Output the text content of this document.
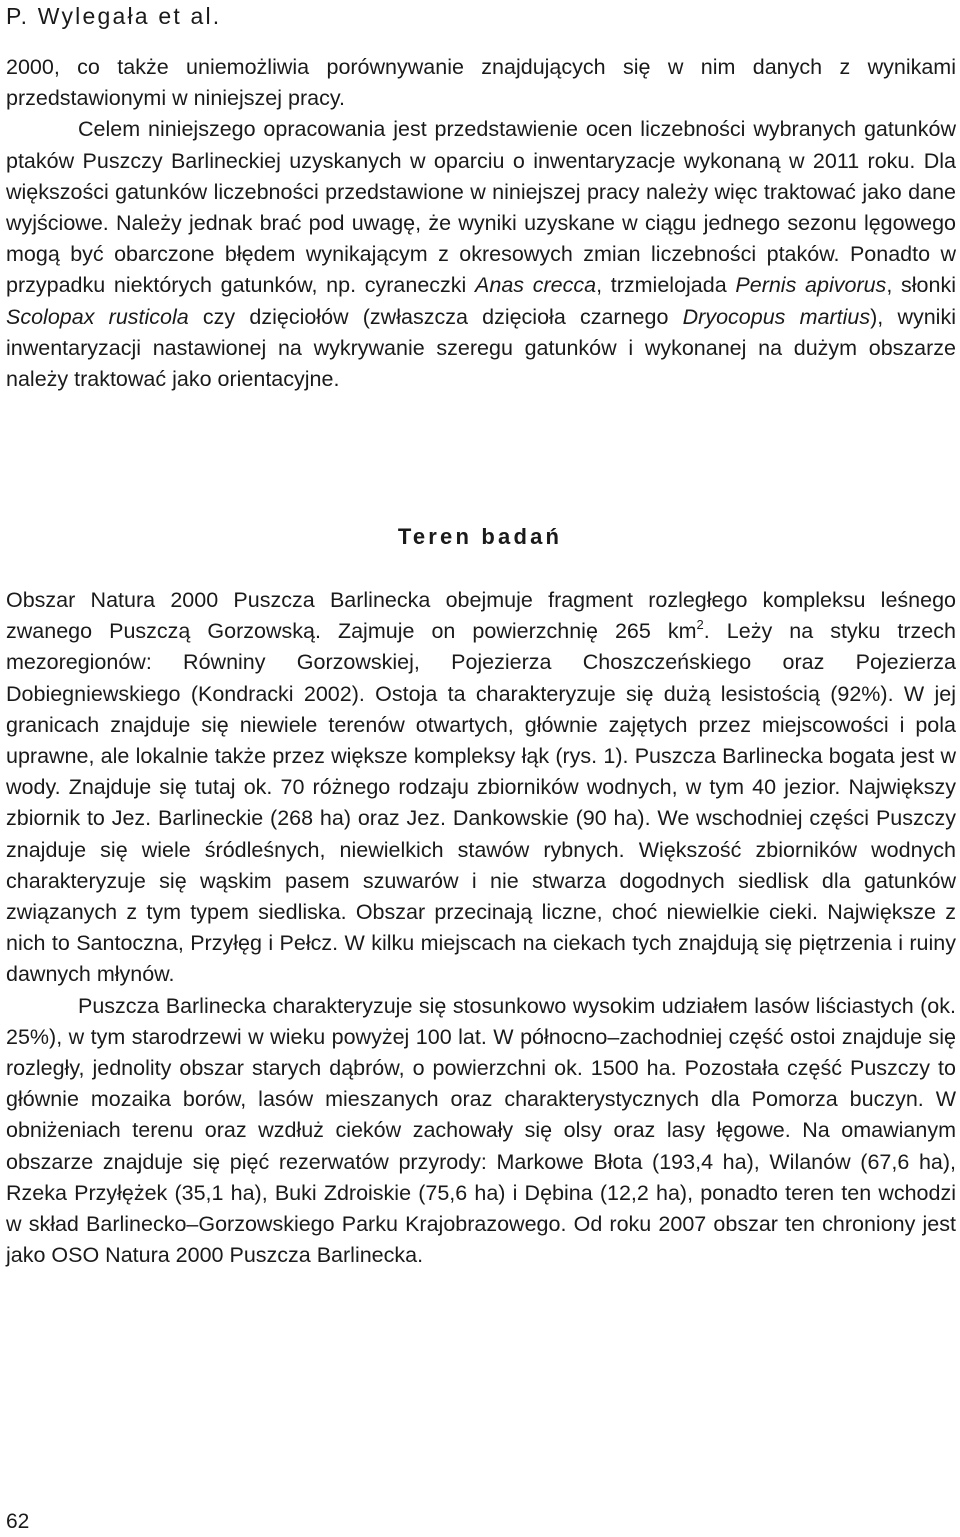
P. Wylegała et al.

2000, co także uniemożliwia porównywanie znajdujących się w nim danych z wynikami przedstawionymi w niniejszej pracy.

Celem niniejszego opracowania jest przedstawienie ocen liczebności wybranych gatunków ptaków Puszczy Barlineckiej uzyskanych w oparciu o inwentaryzacje wykonaną w 2011 roku. Dla większości gatunków liczebności przedstawione w niniejszej pracy należy więc traktować jako dane wyjściowe. Należy jednak brać pod uwagę, że wyniki uzyskane w ciągu jednego sezonu lęgowego mogą być obarczone błędem wynikającym z okresowych zmian liczebności ptaków. Ponadto w przypadku niektórych gatunków, np. cyraneczki Anas crecca, trzmielojada Pernis apivorus, słonki Scolopax rusticola czy dzięciołów (zwłaszcza dzięcioła czarnego Dryocopus martius), wyniki inwentaryzacji nastawionej na wykrywanie szeregu gatunków i wykonanej na dużym obszarze należy traktować jako orientacyjne.

Teren badań

Obszar Natura 2000 Puszcza Barlinecka obejmuje fragment rozległego kompleksu leśnego zwanego Puszczą Gorzowską. Zajmuje on powierzchnię 265 $km^2$. Leży na styku trzech mezoregionów: Równiny Gorzowskiej, Pojezierza Choszczeńskiego oraz Pojezierza Dobiegniewskiego (Kondracki 2002). Ostoja ta charakteryzuje się dużą lesistością (92%). W jej granicach znajduje się niewiele terenów otwartych, głównie zajętych przez miejscowości i pola uprawne, ale lokalnie także przez większe kompleksy łąk (rys. 1). Puszcza Barlinecka bogata jest w wody. Znajduje się tutaj ok. 70 różnego rodzaju zbiorników wodnych, w tym 40 jezior. Największy zbiornik to Jez. Barlineckie (268 ha) oraz Jez. Dankowskie (90 ha). We wschodniej części Puszczy znajduje się wiele śródleśnych, niewielkich stawów rybnych. Większość zbiorników wodnych charakteryzuje się wąskim pasem szuwarów i nie stwarza dogodnych siedlisk dla gatunków związanych z tym typem siedliska. Obszar przecinają liczne, choć niewielkie cieki. Największe z nich to Santoczna, Przyłęg i Pełcz. W kilku miejscach na ciekach tych znajdują się piętrzenia i ruiny dawnych młynów.

Puszcza Barlinecka charakteryzuje się stosunkowo wysokim udziałem lasów liściastych (ok. 25%), w tym starodrzewi w wieku powyżej 100 lat. W północno–zachodniej część ostoi znajduje się rozległy, jednolity obszar starych dąbrów, o powierzchni ok. 1500 ha. Pozostała część Puszczy to głównie mozaika borów, lasów mieszanych oraz charakterystycznych dla Pomorza buczyn. W obniżeniach terenu oraz wzdłuż cieków zachowały się olsy oraz lasy łęgowe. Na omawianym obszarze znajduje się pięć rezerwatów przyrody: Markowe Błota (193,4 ha), Wilanów (67,6 ha), Rzeka Przyłężek (35,1 ha), Buki Zdroiskie (75,6 ha) i Dębina (12,2 ha), ponadto teren ten wchodzi w skład Barlinecko–Gorzowskiego Parku Krajobrazowego. Od roku 2007 obszar ten chroniony jest jako OSO Natura 2000 Puszcza Barlinecka.

62
